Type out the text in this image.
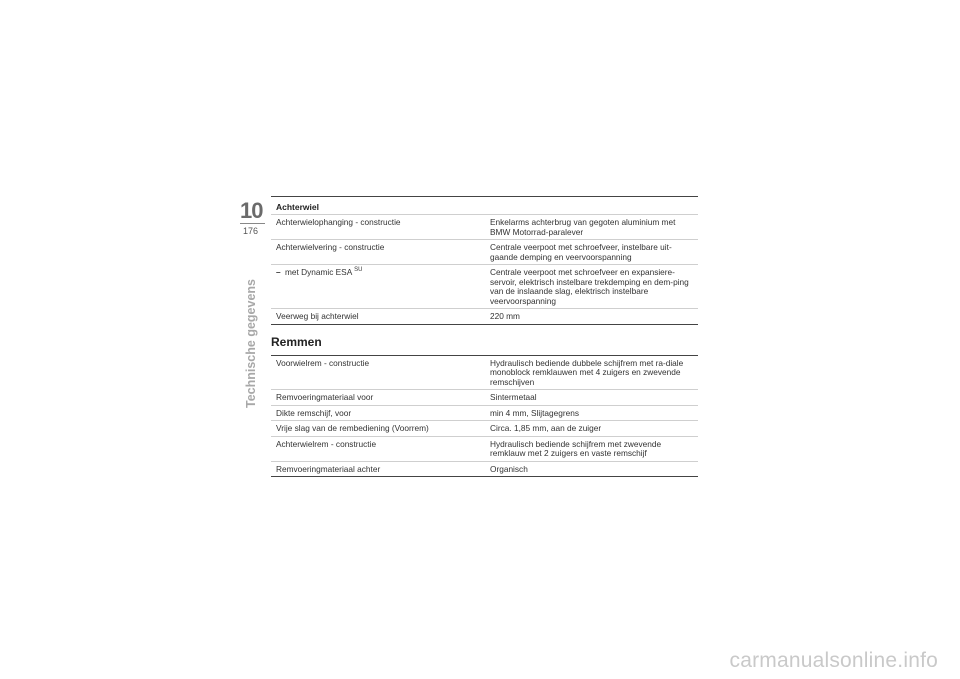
10
176
Technische gegevens
Achterwiel
Achterwielophanging - constructie	Enkelarms achterbrug van gegoten aluminium met BMW Motorrad-paralever
Achterwielvering - constructie	Centrale veerpoot met schroefveer, instelbare uit-gaande demping en veervoorspanning
– met Dynamic ESA $^{SU}$	Centrale veerpoot met schroefveer en expansiere-servoir, elektrisch instelbare trekdemping en dem-ping van de inslaande slag, elektrisch instelbare veervoorspanning
Veerweg bij achterwiel	220 mm
Remmen
Voorwielrem - constructie	Hydraulisch bediende dubbele schijfrem met ra-diale monoblock remklauwen met 4 zuigers en zwevende remschijven
Remvoeringmateriaal voor	Sintermetaal
Dikte remschijf, voor	min 4 mm, Slijtagegrens
Vrije slag van de rembediening (Voorrem)	Circa. 1,85 mm, aan de zuiger
Achterwielrem - constructie	Hydraulisch bediende schijfrem met zwevende remklauw met 2 zuigers en vaste remschijf
Remvoeringmateriaal achter	Organisch
carmanualsonline.info
